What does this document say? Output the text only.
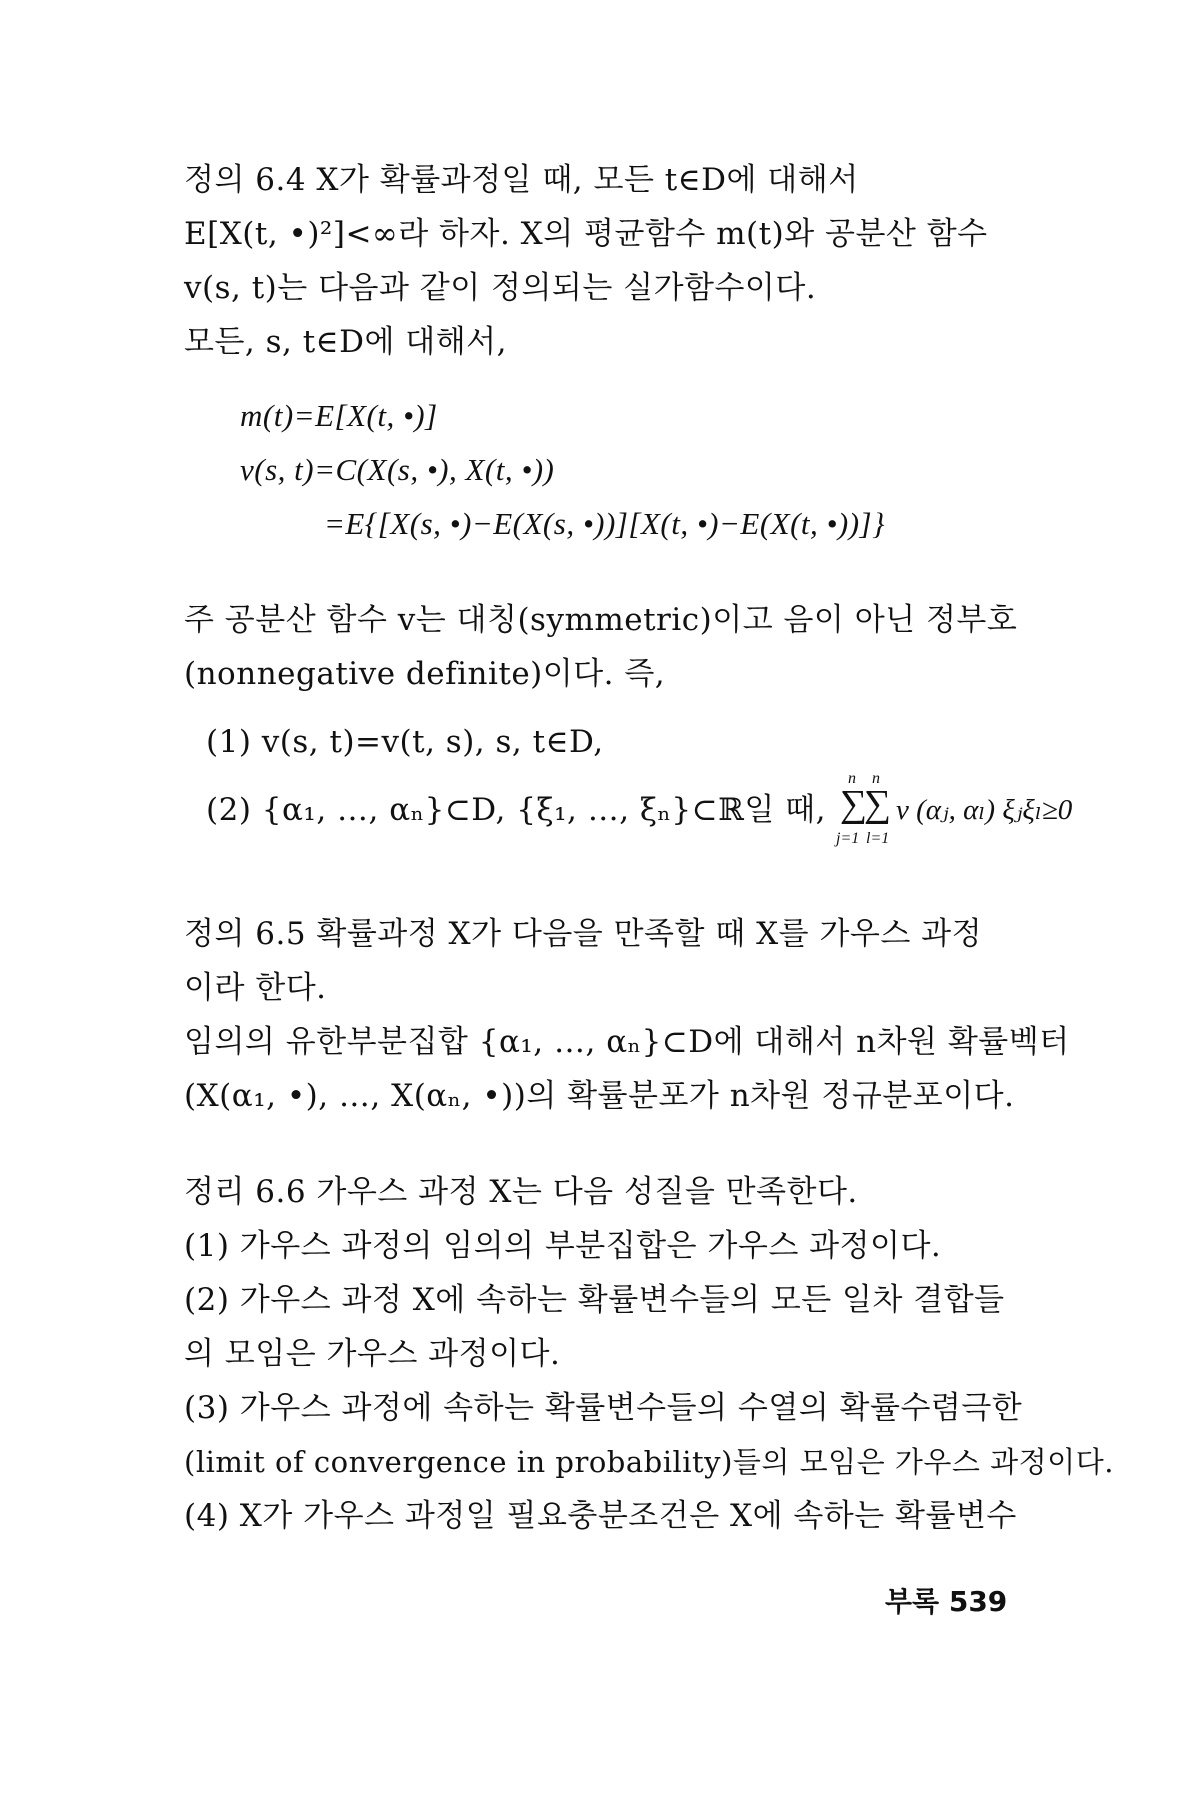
정의 6.4 X가 확률과정일 때, 모든 t∈D에 대해서
E[X(t, •)²]<∞라 하자. X의 평균함수 m(t)와 공분산 함수
v(s, t)는 다음과 같이 정의되는 실가함수이다.
모든, s, t∈D에 대해서,
m(t)=E[X(t, •)]
v(s, t)=C(X(s, •), X(t, •))
=E{[X(s, •)−E(X(s, •))][X(t, •)−E(X(t, •))]}
주 공분산 함수 v는 대칭(symmetric)이고 음이 아닌 정부호
(nonnegative definite)이다. 즉,
(1) v(s, t)=v(t, s), s, t∈D,
(2) {α₁, …, αₙ}⊂D, {ξ₁, …, ξₙ}⊂ℝ일 때,
n n
∑
∑
j=1 l=1
v (αⱼ, αₗ) ξⱼξₗ≥0
정의 6.5 확률과정 X가 다음을 만족할 때 X를 가우스 과정
이라 한다.
임의의 유한부분집합 {α₁, …, αₙ}⊂D에 대해서 n차원 확률벡터
(X(α₁, •), …, X(αₙ, •))의 확률분포가 n차원 정규분포이다.
정리 6.6 가우스 과정 X는 다음 성질을 만족한다.
(1) 가우스 과정의 임의의 부분집합은 가우스 과정이다.
(2) 가우스 과정 X에 속하는 확률변수들의 모든 일차 결합들
의 모임은 가우스 과정이다.
(3) 가우스 과정에 속하는 확률변수들의 수열의 확률수렴극한
(limit of convergence in probability)들의 모임은 가우스 과정이다.
(4) X가 가우스 과정일 필요충분조건은 X에 속하는 확률변수
부록 539
